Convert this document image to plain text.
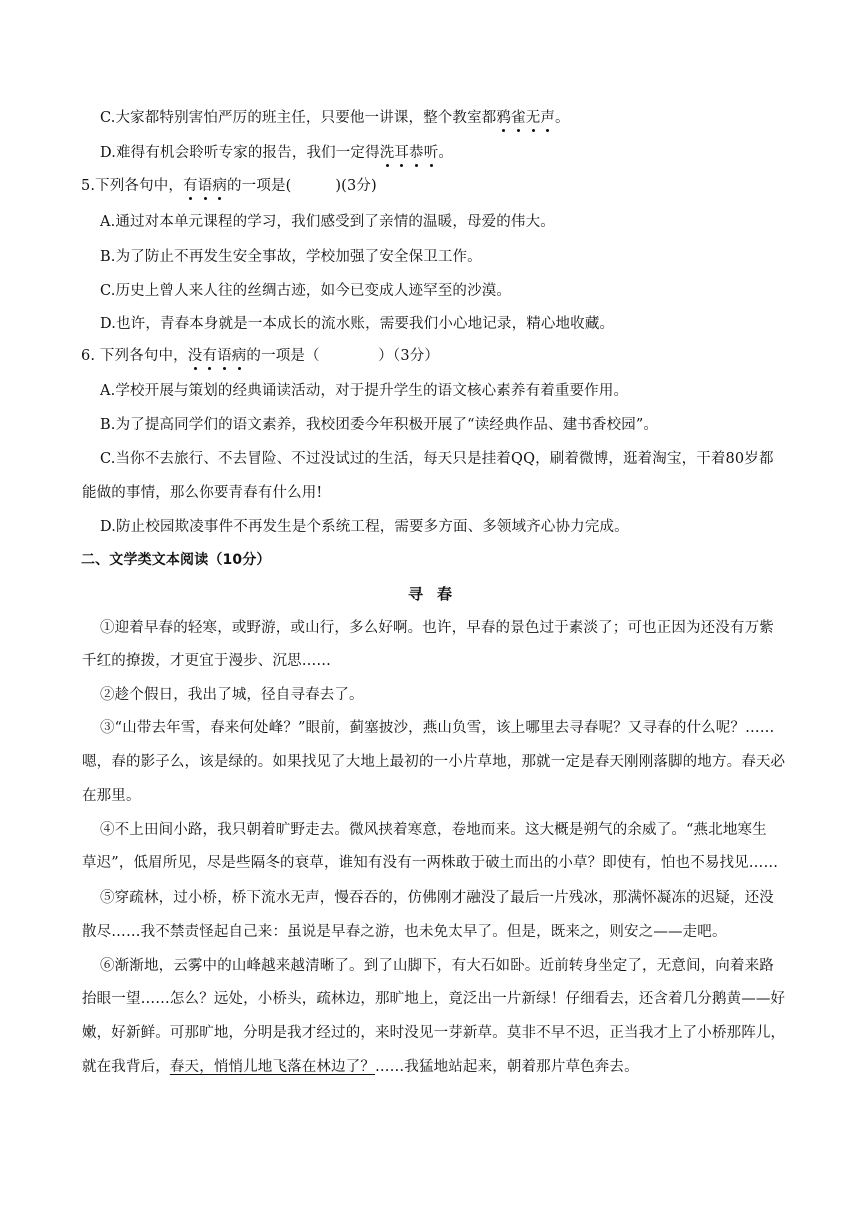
C.大家都特别害怕严厉的班主任，只要他一讲课，整个教室都鸦雀无声。
D.难得有机会聆听专家的报告，我们一定得洗耳恭听。
5.下列各句中，有语病的一项是(　　　)(3分)
A.通过对本单元课程的学习，我们感受到了亲情的温暖，母爱的伟大。
B.为了防止不再发生安全事故，学校加强了安全保卫工作。
C.历史上曾人来人往的丝绸古迹，如今已变成人迹罕至的沙漠。
D.也许，青春本身就是一本成长的流水账，需要我们小心地记录，精心地收藏。
6. 下列各句中，没有语病的一项是（　　　　）（3分）
A.学校开展与策划的经典诵读活动，对于提升学生的语文核心素养有着重要作用。
B.为了提高同学们的语文素养，我校团委今年积极开展了“读经典作品、建书香校园”。
C.当你不去旅行、不去冒险、不过没试过的生活，每天只是挂着QQ，刷着微博，逛着淘宝，干着80岁都
能做的事情，那么你要青春有什么用!
D.防止校园欺凌事件不再发生是个系统工程，需要多方面、多领域齐心协力完成。
二、文学类文本阅读（10分）
寻春
①迎着早春的轻寒，或野游，或山行，多么好啊。也许，早春的景色过于素淡了；可也正因为还没有万紫
千红的撩拨，才更宜于漫步、沉思……
②趁个假日，我出了城，径自寻春去了。
③“山带去年雪，春来何处峰？”眼前，蓟塞披沙，燕山负雪，该上哪里去寻春呢？又寻春的什么呢？……
嗯，春的影子么，该是绿的。如果找见了大地上最初的一小片草地，那就一定是春天刚刚落脚的地方。春天必
在那里。
④不上田间小路，我只朝着旷野走去。微风挟着寒意，卷地而来。这大概是朔气的余威了。“燕北地寒生
草迟”，低眉所见，尽是些隔冬的衰草，谁知有没有一两株敢于破土而出的小草？即使有，怕也不易找见……
⑤穿疏林，过小桥，桥下流水无声，慢吞吞的，仿佛刚才融没了最后一片残冰，那满怀凝冻的迟疑，还没
散尽……我不禁责怪起自己来：虽说是早春之游，也未免太早了。但是，既来之，则安之——走吧。
⑥渐渐地，云雾中的山峰越来越清晰了。到了山脚下，有大石如卧。近前转身坐定了，无意间，向着来路
抬眼一望……怎么？远处，小桥头，疏林边，那旷地上，竟泛出一片新绿！仔细看去，还含着几分鹅黄——好
嫩，好新鲜。可那旷地，分明是我才经过的，来时没见一芽新草。莫非不早不迟，正当我才上了小桥那阵儿，
就在我背后，春天，悄悄儿地飞落在林边了？……我猛地站起来，朝着那片草色奔去。
